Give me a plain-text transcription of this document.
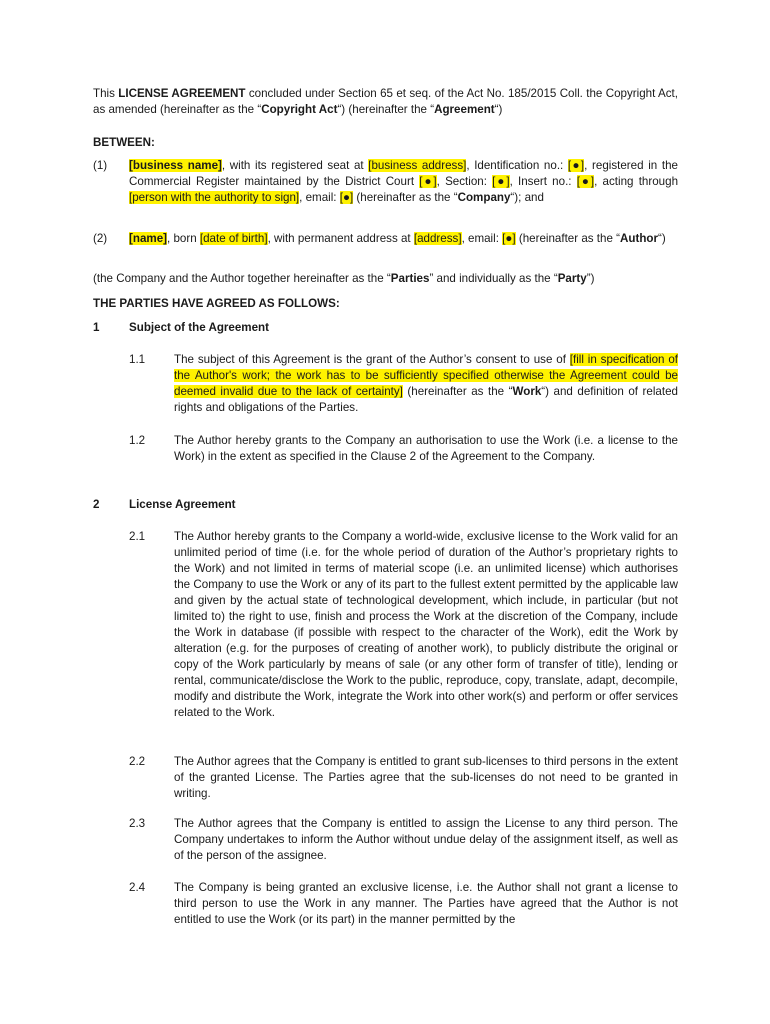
This LICENSE AGREEMENT concluded under Section 65 et seq. of the Act No. 185/2015 Coll. the Copyright Act, as amended (hereinafter as the “Copyright Act“) (hereinafter the “Agreement“)

BETWEEN:

(1) [business name], with its registered seat at [business address], Identification no.: [●], registered in the Commercial Register maintained by the District Court [●], Section: [●], Insert no.: [●], acting through [person with the authority to sign], email: [●] (hereinafter as the “Company“); and

(2) [name], born [date of birth], with permanent address at [address], email: [●] (hereinafter as the “Author“)

(the Company and the Author together hereinafter as the “Parties” and individually as the “Party”)

THE PARTIES HAVE AGREED AS FOLLOWS:

1	Subject of the Agreement

1.1 The subject of this Agreement is the grant of the Author’s consent to use of [fill in specification of the Author's work; the work has to be sufficiently specified otherwise the Agreement could be deemed invalid due to the lack of certainty] (hereinafter as the “Work“) and definition of related rights and obligations of the Parties.

1.2 The Author hereby grants to the Company an authorisation to use the Work (i.e. a license to the Work) in the extent as specified in the Clause 2 of the Agreement to the Company.

2	License Agreement

2.1 The Author hereby grants to the Company a world-wide, exclusive license to the Work valid for an unlimited period of time (i.e. for the whole period of duration of the Author’s proprietary rights to the Work) and not limited in terms of material scope (i.e. an unlimited license) which authorises the Company to use the Work or any of its part to the fullest extent permitted by the applicable law and given by the actual state of technological development, which include, in particular (but not limited to) the right to use, finish and process the Work at the discretion of the Company, include the Work in database (if possible with respect to the character of the Work), edit the Work by alteration (e.g. for the purposes of creating of another work), to publicly distribute the original or copy of the Work particularly by means of sale (or any other form of transfer of title), lending or rental, communicate/disclose the Work to the public, reproduce, copy, translate, adapt, decompile, modify and distribute the Work, integrate the Work into other work(s) and perform or offer services related to the Work.

2.2 The Author agrees that the Company is entitled to grant sub-licenses to third persons in the extent of the granted License. The Parties agree that the sub-licenses do not need to be granted in writing.

2.3 The Author agrees that the Company is entitled to assign the License to any third person. The Company undertakes to inform the Author without undue delay of the assignment itself, as well as of the person of the assignee.

2.4 The Company is being granted an exclusive license, i.e. the Author shall not grant a license to third person to use the Work in any manner. The Parties have agreed that the Author is not entitled to use the Work (or its part) in the manner permitted by the
